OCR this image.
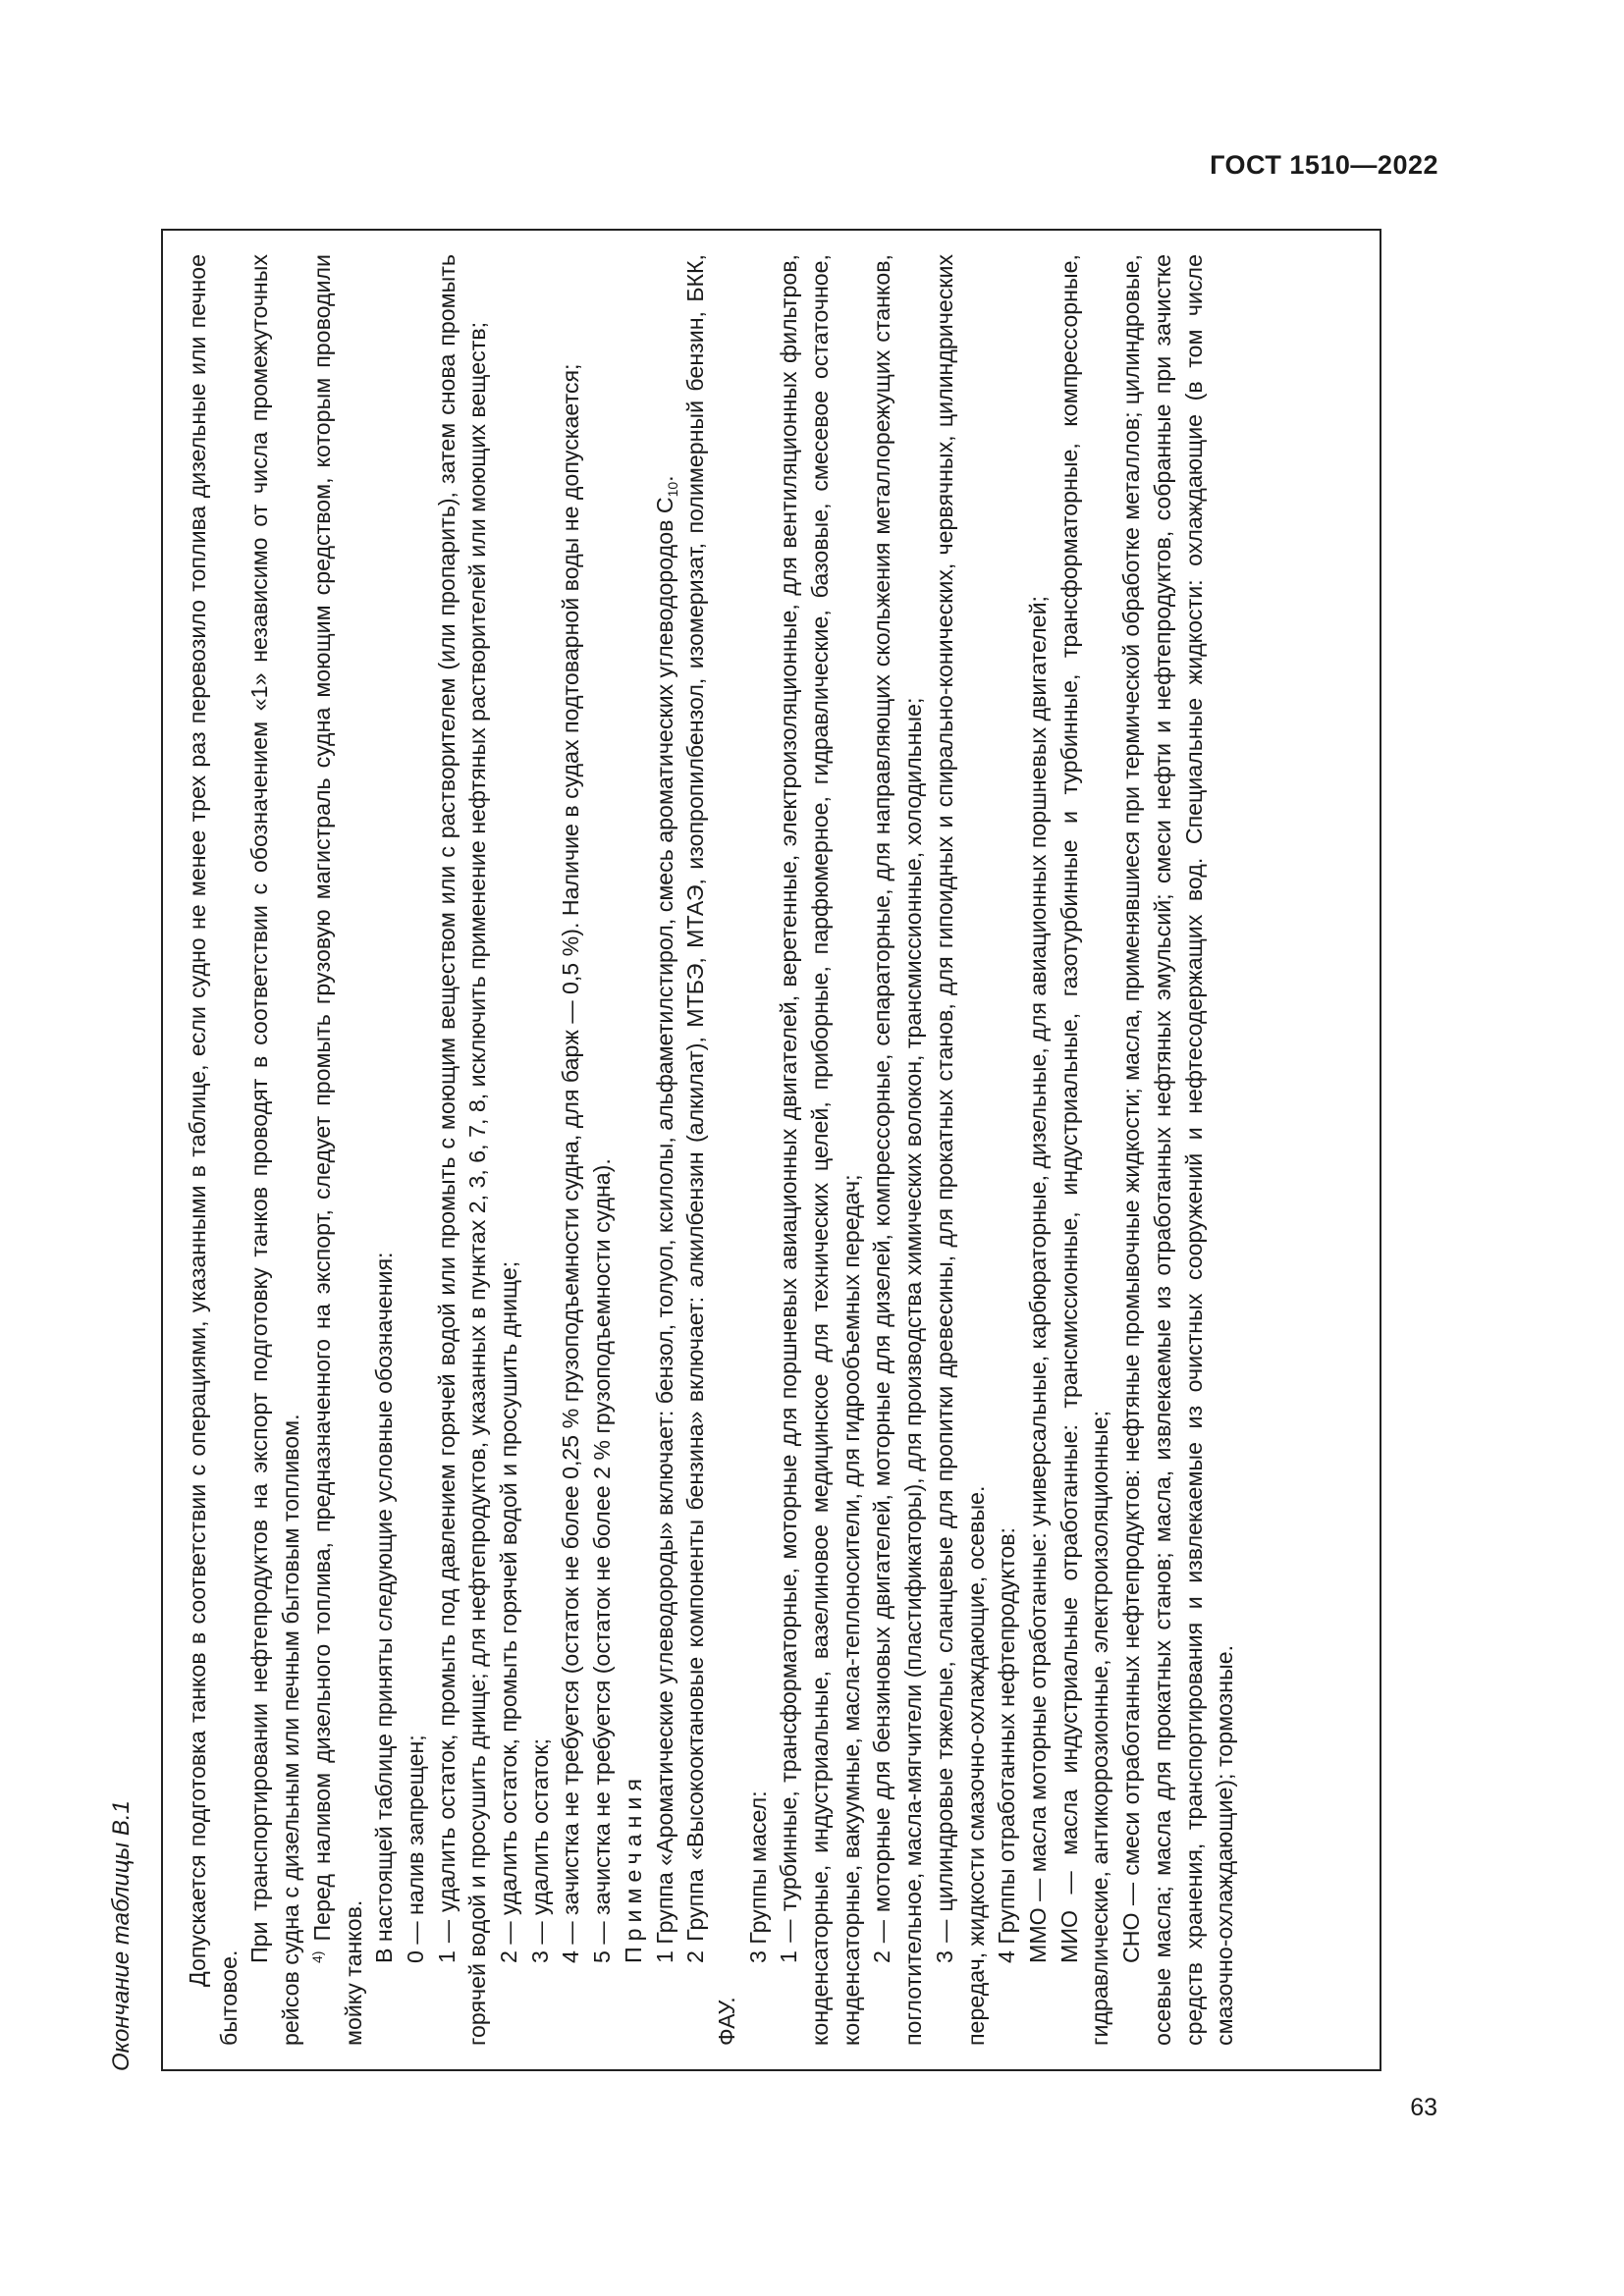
ГОСТ 1510—2022
Окончание таблицы В.1 Допускается подготовка танков в соответствии с операциями, указанными в таблице, если судно не менее трех раз перевозило топлива дизельные или печное бытовое.

При транспортировании нефтепродуктов на экспорт подготовку танков проводят в соответствии с обозначением «1» независимо от числа промежуточных рейсов судна с дизельным или печным бытовым топливом. $^{4)}$ Перед наливом дизельного топлива, предназначенного на экспорт, следует промыть грузовую магистраль судна моющим средством, которым проводили мойку танков.

В настоящей таблице приняты следующие условные обозначения: 0 — налив запрещен; 1 — удалить остаток, промыть под давлением горячей водой или промыть с моющим веществом или с растворителем (или пропарить), затем снова промыть горячей водой и просушить днище; для нефтепродуктов, указанных в пунктах 2, 3, 6, 7, 8, исключить применение нефтяных растворителей или моющих веществ; 2 — удалить остаток, промыть горячей водой и просушить днище; 3 — удалить остаток; 4 — зачистка не требуется (остаток не более 0,25 % грузоподъемности судна, для барж — 0,5 %). Наличие в судах подтоварной воды не допускается; 5 — зачистка не требуется (остаток не более 2 % грузоподъемности судна). Примечания 1 Группа «Ароматические углеводороды» включает: бензол, толуол, ксилолы, альфаметилстирол, смесь ароматических углеводородов $С_{10}$. 2 Группа «Высокооктановые компоненты бензина» включает: алкилбензин (алкилат), МТБЭ, МТАЭ, изопропилбензол, изомеризат, полимерный бензин, БКК, ФАУ.

3 Группы масел: 1 — турбинные, трансформаторные, моторные для поршневых авиационных двигателей, веретенные, электроизоляционные, для вентиляционных фильтров, конденсаторные, индустриальные, вазелиновое медицинское для технических целей, приборные, парфюмерное, гидравлические, базовые, смесевое остаточное, конденсаторные, вакуумные, масла-теплоносители, для гидрообъемных передач; 2 — моторные для бензиновых двигателей, моторные для дизелей, компрессорные, сепараторные, для направляющих скольжения металлорежущих станков, поглотительное, масла-мягчители (пластификаторы), для производства химических волокон, трансмиссионные, холодильные; 3 — цилиндровые тяжелые, сланцевые для пропитки древесины, для прокатных станов, для гипоидных и спирально-конических, червячных, цилиндрических передач, жидкости смазочно-охлаждающие, осевые. 4 Группы отработанных нефтепродуктов: ММО — масла моторные отработанные: универсальные, карбюраторные, дизельные, для авиационных поршневых двигателей; МИО — масла индустриальные отработанные: трансмиссионные, индустриальные, газотурбинные и турбинные, трансформаторные, компрессорные, гидравлические, антикоррозионные, электроизоляционные; СНО — смеси отработанных нефтепродуктов: нефтяные промывочные жидкости; масла, применявшиеся при термической обработке металлов; цилиндровые, осевые масла; масла для прокатных станов; масла, извлекаемые из отработанных нефтяных эмульсий; смеси нефти и нефтепродуктов, собранные при зачистке средств хранения, транспортирования и извлекаемые из очистных сооружений и нефтесодержащих вод. Специальные жидкости: охлаждающие (в том числе смазочно-охлаждающие); тормозные.

63
